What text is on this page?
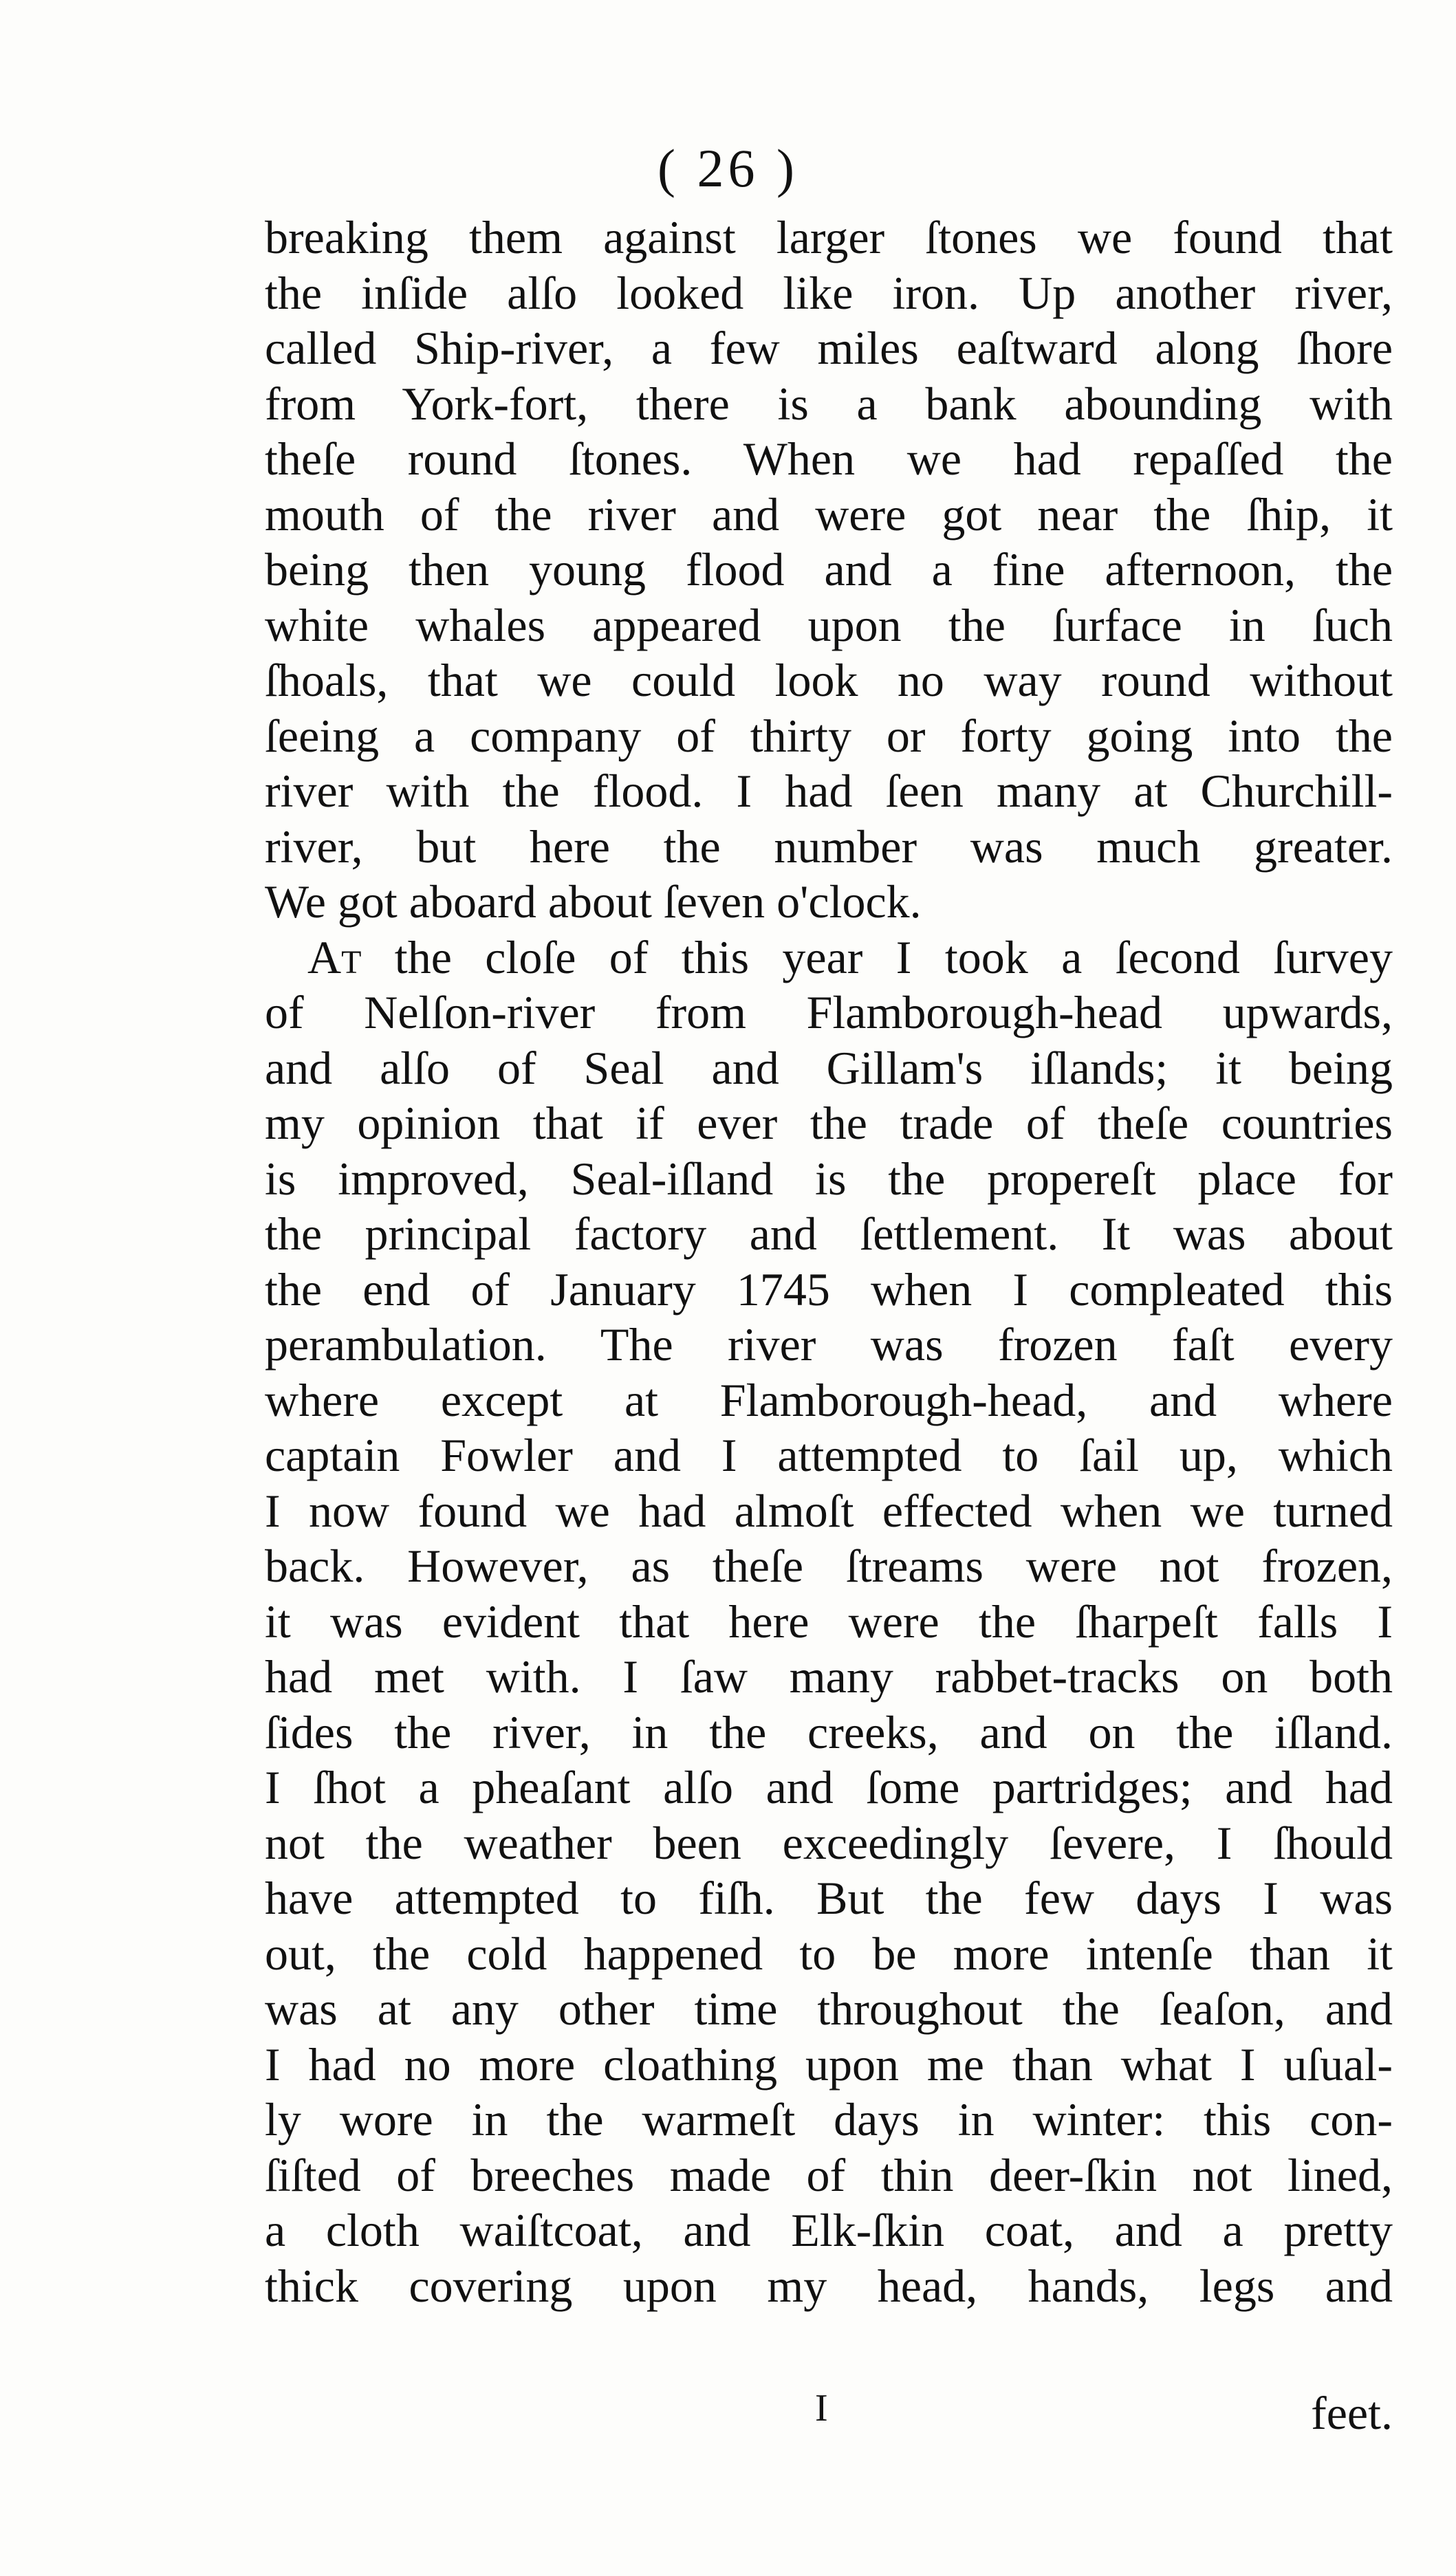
( 26 )
breaking them against larger ſtones we found that
the inſide alſo looked like iron. Up another river,
called Ship-river, a few miles eaſtward along ſhore
from York-fort, there is a bank abounding with
theſe round ſtones. When we had repaſſed the
mouth of the river and were got near the ſhip, it
being then young flood and a fine afternoon, the
white whales appeared upon the ſurface in ſuch
ſhoals, that we could look no way round without
ſeeing a company of thirty or forty going into the
river with the flood. I had ſeen many at Churchill-
river, but here the number was much greater.
We got aboard about ſeven o'clock.
At the cloſe of this year I took a ſecond ſurvey
of Nelſon-river from Flamborough-head upwards,
and alſo of Seal and Gillam's iſlands; it being
my opinion that if ever the trade of theſe countries
is improved, Seal-iſland is the propereſt place for
the principal factory and ſettlement. It was about
the end of January 1745 when I compleated this
perambulation. The river was frozen faſt every
where except at Flamborough-head, and where
captain Fowler and I attempted to ſail up, which
I now found we had almoſt effected when we turned
back. However, as theſe ſtreams were not frozen,
it was evident that here were the ſharpeſt falls I
had met with. I ſaw many rabbet-tracks on both
ſides the river, in the creeks, and on the iſland.
I ſhot a pheaſant alſo and ſome partridges; and had
not the weather been exceedingly ſevere, I ſhould
have attempted to fiſh. But the few days I was
out, the cold happened to be more intenſe than it
was at any other time throughout the ſeaſon, and
I had no more cloathing upon me than what I uſual-
ly wore in the warmeſt days in winter: this con-
ſiſted of breeches made of thin deer-ſkin not lined,
a cloth waiſtcoat, and Elk-ſkin coat, and a pretty
thick covering upon my head, hands, legs and
I	feet.
